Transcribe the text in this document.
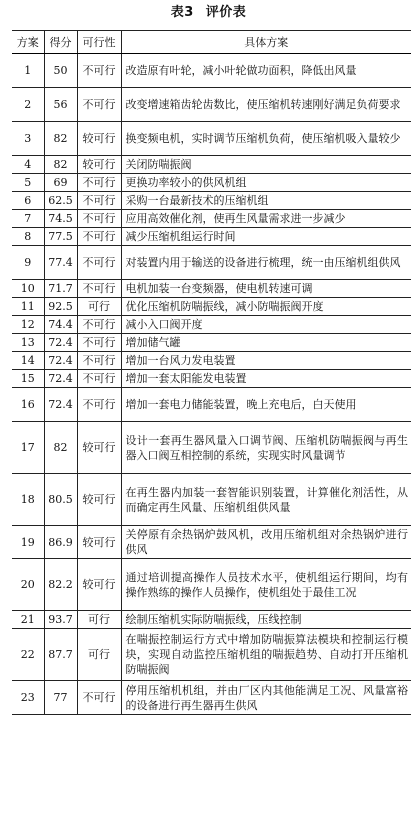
表3 评价表
方案	得分	可行性	具体方案
1	50	不可行	改造原有叶轮，减小叶轮做功面积，降低出风量
2	56	不可行	改变增速箱齿轮齿数比，使压缩机转速刚好满足负荷要求
3	82	较可行	换变频电机，实时调节压缩机负荷，使压缩机吸入量较少
4	82	较可行	关闭防喘振阀
5	69	不可行	更换功率较小的供风机组
6	62.5	不可行	采购一台最新技术的压缩机组
7	74.5	不可行	应用高效催化剂，使再生风量需求进一步减少
8	77.5	不可行	减少压缩机组运行时间
9	77.4	不可行	对装置内用于输送的设备进行梳理，统一由压缩机组供风
10	71.7	不可行	电机加装一台变频器，使电机转速可调
11	92.5	可行	优化压缩机防喘振线，减小防喘振阀开度
12	74.4	不可行	减小入口阀开度
13	72.4	不可行	增加储气罐
14	72.4	不可行	增加一台风力发电装置
15	72.4	不可行	增加一套太阳能发电装置
16	72.4	不可行	增加一套电力储能装置，晚上充电后，白天使用
17	82	较可行	设计一套再生器风量入口调节阀、压缩机防喘振阀与再生器入口阀互相控制的系统，实现实时风量调节
18	80.5	较可行	在再生器内加装一套智能识别装置，计算催化剂活性，从而确定再生风量、压缩机组供风量
19	86.9	较可行	关停原有余热锅炉鼓风机，改用压缩机组对余热锅炉进行供风
20	82.2	较可行	通过培训提高操作人员技术水平，使机组运行期间，均有操作熟练的操作人员操作，使机组处于最佳工况
21	93.7	可行	绘制压缩机实际防喘振线，压线控制
22	87.7	可行	在喘振控制运行方式中增加防喘振算法模块和控制运行模块，实现自动监控压缩机组的喘振趋势、自动打开压缩机防喘振阀
23	77	不可行	停用压缩机机组，并由厂区内其他能满足工况、风量富裕的设备进行再生器再生供风
